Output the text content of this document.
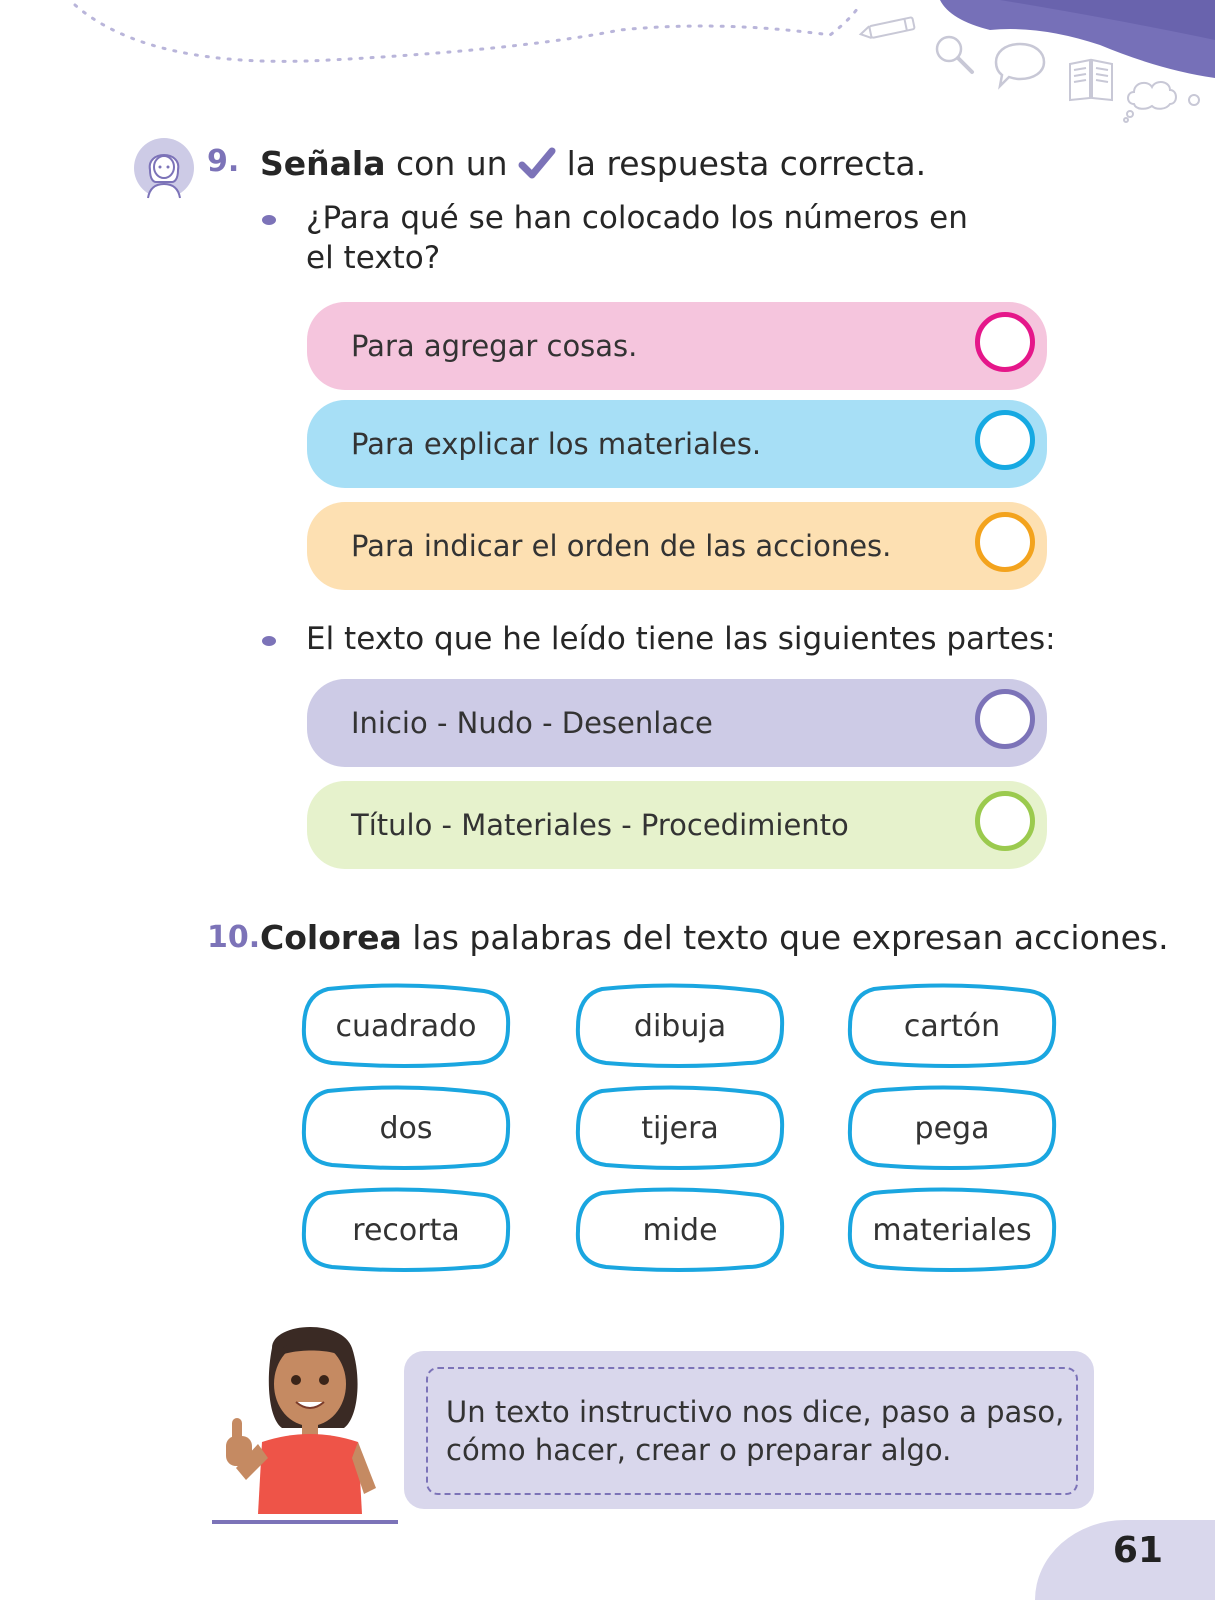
9. Señala con un la respuesta correcta.
¿Para qué se han colocado los números en
el texto?
Para agregar cosas.
Para explicar los materiales.
Para indicar el orden de las acciones.
El texto que he leído tiene las siguientes partes:
Inicio - Nudo - Desenlace
Título - Materiales - Procedimiento
10. Colorea las palabras del texto que expresan acciones.
cuadrado	dibuja	cartón
dos	tijera	pega
recorta	mide	materiales
Un texto instructivo nos dice, paso a paso,
cómo hacer, crear o preparar algo.
61
